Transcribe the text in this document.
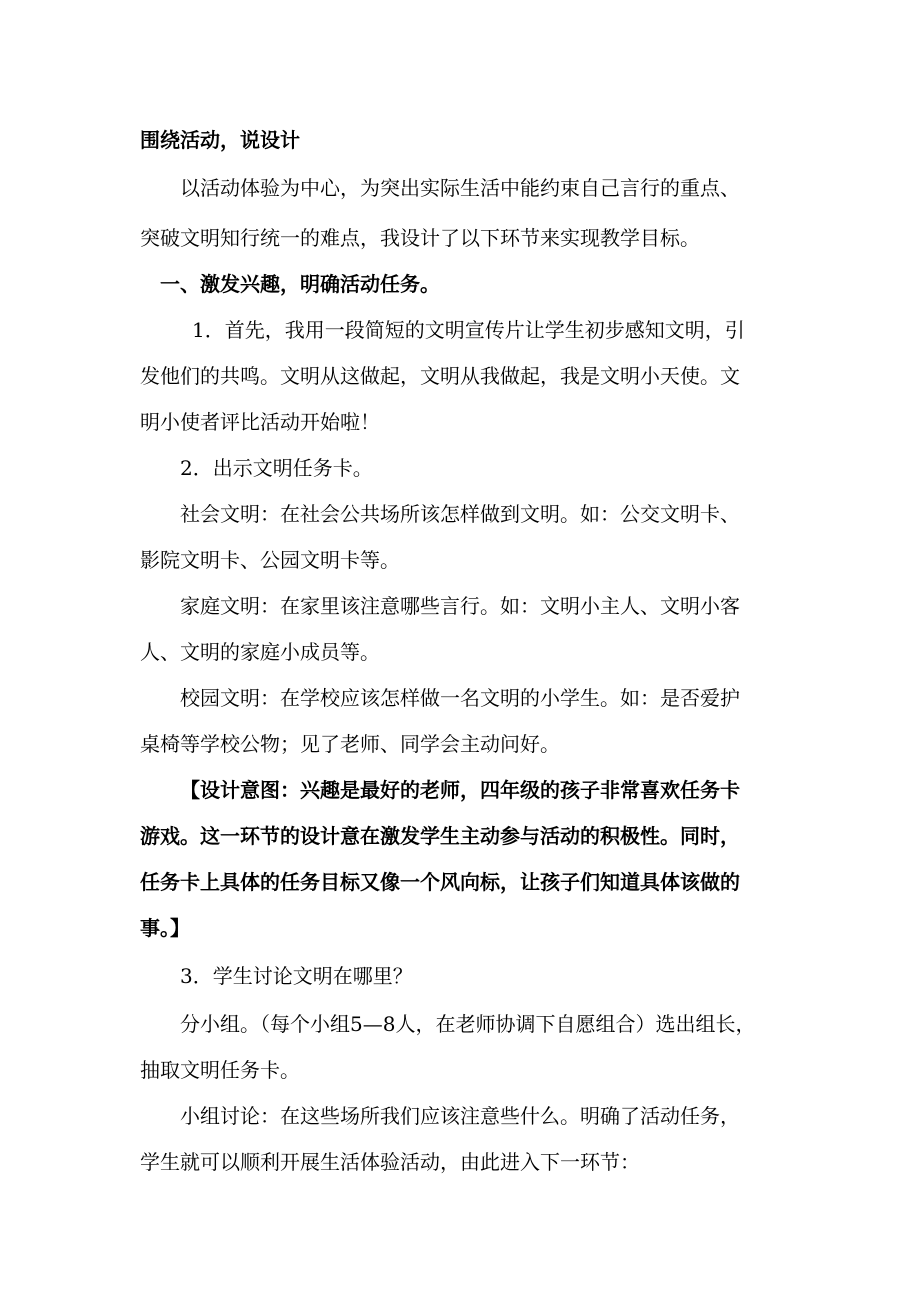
围绕活动，说设计
以活动体验为中心，为突出实际生活中能约束自己言行的重点、
突破文明知行统一的难点，我设计了以下环节来实现教学目标。
一、激发兴趣，明确活动任务。
1．首先，我用一段简短的文明宣传片让学生初步感知文明，引
发他们的共鸣。文明从这做起，文明从我做起，我是文明小天使。文
明小使者评比活动开始啦！
2．出示文明任务卡。
社会文明：在社会公共场所该怎样做到文明。如：公交文明卡、
影院文明卡、公园文明卡等。
家庭文明：在家里该注意哪些言行。如：文明小主人、文明小客
人、文明的家庭小成员等。
校园文明：在学校应该怎样做一名文明的小学生。如：是否爱护
桌椅等学校公物；见了老师、同学会主动问好。
【设计意图：兴趣是最好的老师，四年级的孩子非常喜欢任务卡
游戏。这一环节的设计意在激发学生主动参与活动的积极性。同时，
任务卡上具体的任务目标又像一个风向标，让孩子们知道具体该做的
事。】
3．学生讨论文明在哪里？
分小组。（每个小组5—8人，在老师协调下自愿组合）选出组长，
抽取文明任务卡。
小组讨论：在这些场所我们应该注意些什么。明确了活动任务，
学生就可以顺利开展生活体验活动，由此进入下一环节：
